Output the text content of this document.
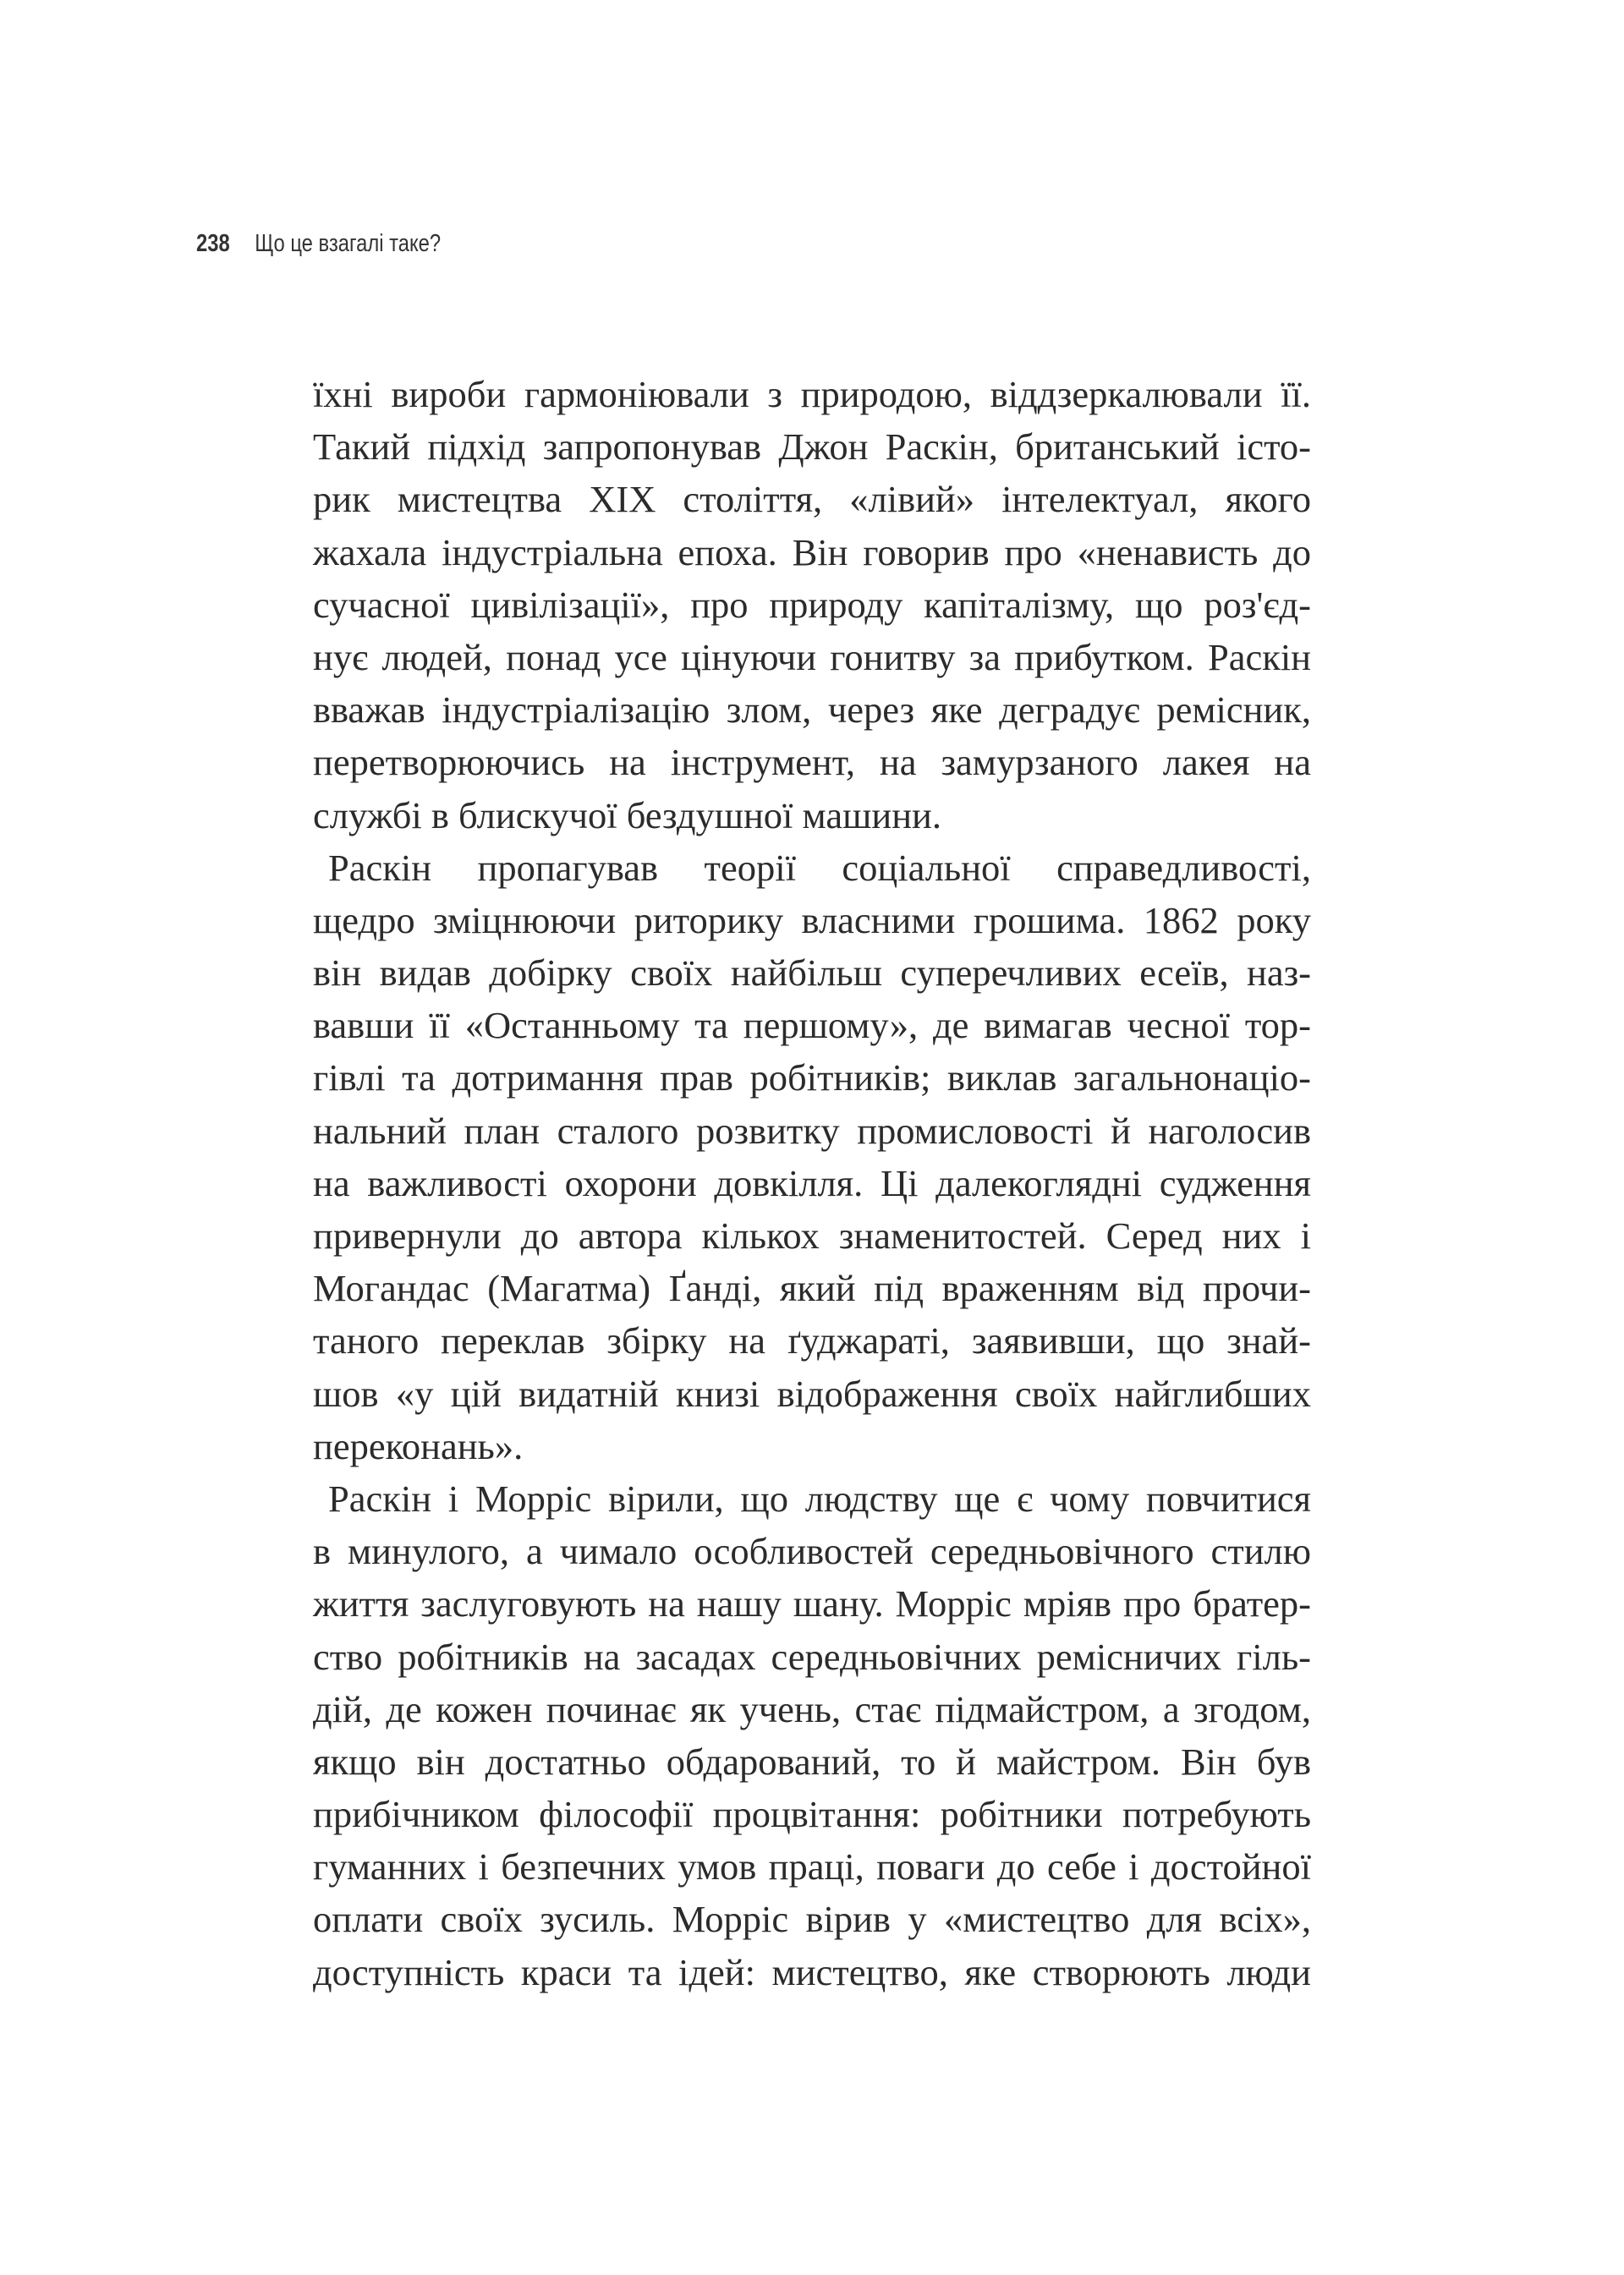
238 Що це взагалі таке?
їхні вироби гармоніювали з природою, віддзеркалювали її.
Такий підхід запропонував Джон Раскін, британський істо-
рик мистецтва XIX століття, «лівий» інтелектуал, якого
жахала індустріальна епоха. Він говорив про «ненависть до
сучасної цивілізації», про природу капіталізму, що роз'єд-
нує людей, понад усе цінуючи гонитву за прибутком. Раскін
вважав індустріалізацію злом, через яке деградує ремісник,
перетворюючись на інструмент, на замурзаного лакея на
службі в блискучої бездушної машини.
Раскін пропагував теорії соціальної справедливості,
щедро зміцнюючи риторику власними грошима. 1862 року
він видав добірку своїх найбільш суперечливих есеїв, наз-
вавши її «Останньому та першому», де вимагав чесної тор-
гівлі та дотримання прав робітників; виклав загальнонаціо-
нальний план сталого розвитку промисловості й наголосив
на важливості охорони довкілля. Ці далекоглядні судження
привернули до автора кількох знаменитостей. Серед них і
Могандас (Магатма) Ґанді, який під враженням від прочи-
таного переклав збірку на ґуджараті, заявивши, що знай-
шов «у цій видатній книзі відображення своїх найглибших
переконань».
Раскін і Морріс вірили, що людству ще є чому повчитися
в минулого, а чимало особливостей середньовічного стилю
життя заслуговують на нашу шану. Морріс мріяв про братер-
ство робітників на засадах середньовічних ремісничих гіль-
дій, де кожен починає як учень, стає підмайстром, а згодом,
якщо він достатньо обдарований, то й майстром. Він був
прибічником філософії процвітання: робітники потребують
гуманних і безпечних умов праці, поваги до себе і достойної
оплати своїх зусиль. Морріс вірив у «мистецтво для всіх»,
доступність краси та ідей: мистецтво, яке створюють люди
